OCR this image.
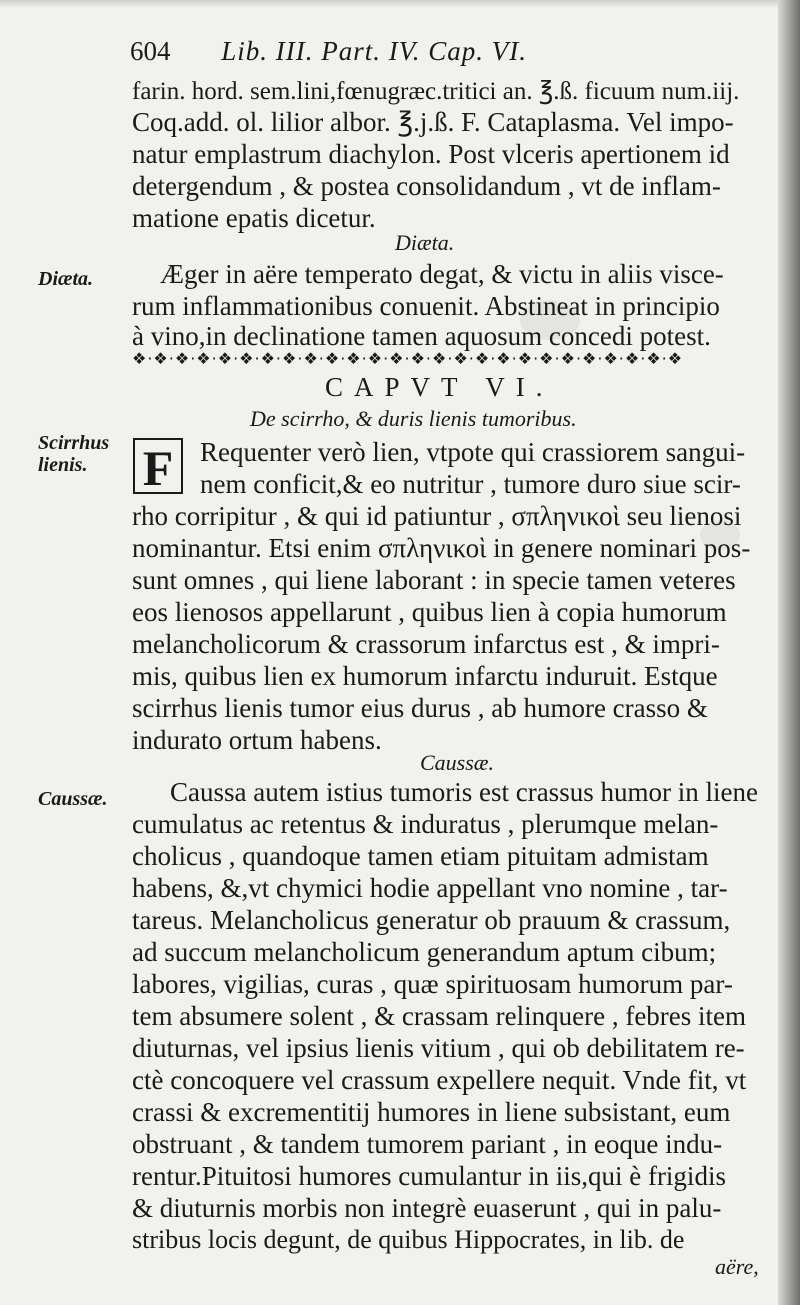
604 Lib. III. Part. IV. Cap. VI.
farin. hord. sem.lini,fœnugræc.tritici an. ℥.ß. ficuum num.iij.
Coq.add. ol. lilior albor. ℥.j.ß. F. Cataplasma. Vel impo-
natur emplastrum diachylon. Post vlceris apertionem id
detergendum , & postea consolidandum , vt de inflam-
matione epatis dicetur.
Diæta.
Diæta. Æger in aëre temperato degat, & victu in aliis visce-
rum inflammationibus conuenit. Abstineat in principio
à vino,in declinatione tamen aquosum concedi potest.
❖·❖·❖·❖·❖·❖·❖·❖·❖·❖·❖·❖·❖·❖·❖·❖·❖·❖·❖·❖·❖·❖·❖·❖·❖·❖
CAPVT VI.
De scirrho, & duris lienis tumoribus.
Scirrhus
lienis.	F Requenter verò lien, vtpote qui crassiorem sangui-
nem conficit,& eo nutritur , tumore duro siue scir-
rho corripitur , & qui id patiuntur , σπληνικοὶ seu lienosi
nominantur. Etsi enim σπληνικοὶ in genere nominari pos-
sunt omnes , qui liene laborant : in specie tamen veteres
eos lienosos appellarunt , quibus lien à copia humorum
melancholicorum & crassorum infarctus est , & impri-
mis, quibus lien ex humorum infarctu induruit. Estque
scirrhus lienis tumor eius durus , ab humore crasso &
indurato ortum habens.
Caussæ.
Caussæ. Caussa autem istius tumoris est crassus humor in liene
cumulatus ac retentus & induratus , plerumque melan-
cholicus , quandoque tamen etiam pituitam admistam
habens, &,vt chymici hodie appellant vno nomine , tar-
tareus. Melancholicus generatur ob prauum & crassum,
ad succum melancholicum generandum aptum cibum;
labores, vigilias, curas , quæ spirituosam humorum par-
tem absumere solent , & crassam relinquere , febres item
diuturnas, vel ipsius lienis vitium , qui ob debilitatem re-
ctè concoquere vel crassum expellere nequit. Vnde fit, vt
crassi & excrementitij humores in liene subsistant, eum
obstruant , & tandem tumorem pariant , in eoque indu-
rentur.Pituitosi humores cumulantur in iis,qui è frigidis
& diuturnis morbis non integrè euaserunt , qui in palu-
stribus locis degunt, de quibus Hippocrates, in lib. de
aëre,
